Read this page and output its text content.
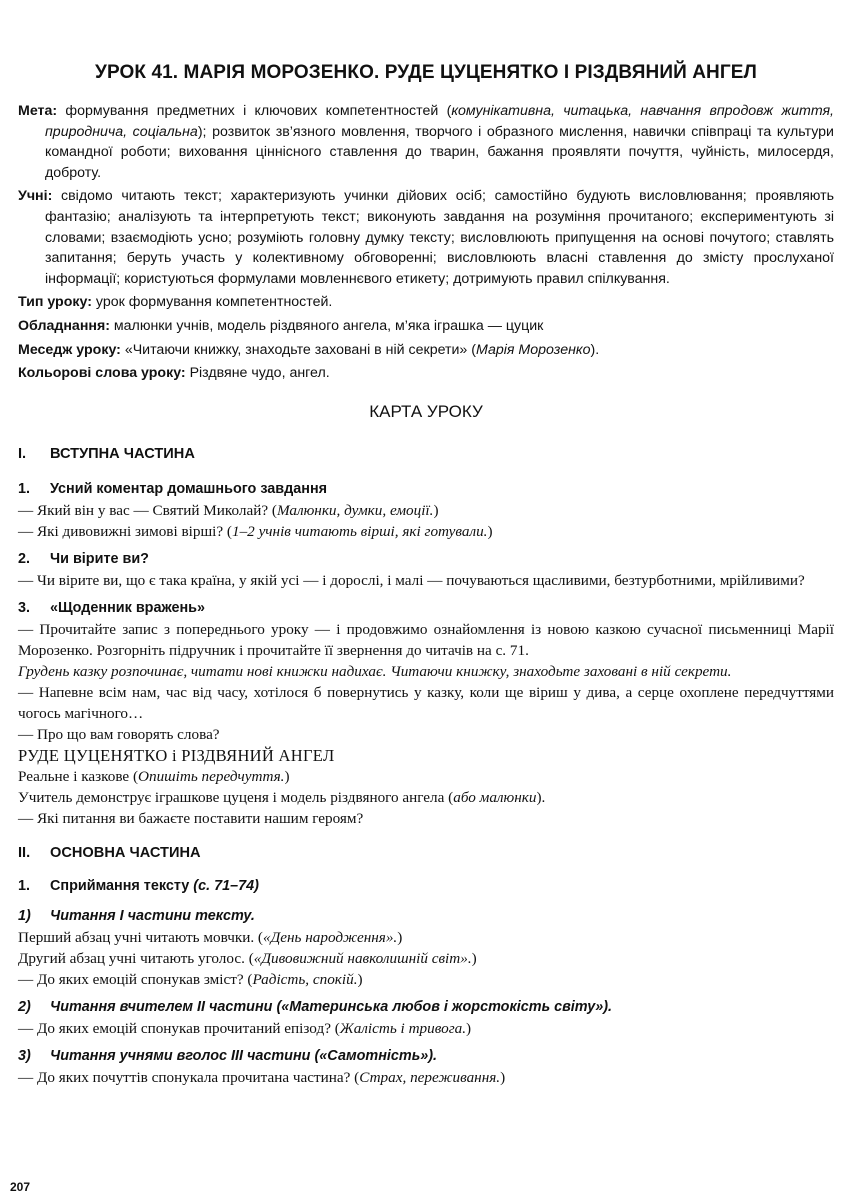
УРОК 41. МАРІЯ МОРОЗЕНКО. РУДЕ ЦУЦЕНЯТКО І РІЗДВЯНИЙ АНГЕЛ

Мета: формування предметних і ключових компетентностей (комунікативна, читацька, навчання впродовж життя, природнича, соціальна); розвиток зв’язного мовлення, творчого і образного мислення, навички співпраці та культури командної роботи; виховання ціннісного ставлення до тварин, бажання проявляти почуття, чуйність, милосердя, доброту.

Учні: свідомо читають текст; характеризують учинки дійових осіб; самостійно будують висловлювання; проявляють фантазію; аналізують та інтерпретують текст; виконують завдання на розуміння прочитаного; експериментують зі словами; взаємодіють усно; розуміють головну думку тексту; висловлюють припущення на основі почутого; ставлять запитання; беруть участь у колективному обговоренні; висловлюють власні ставлення до змісту прослуханої інформації; користуються формулами мовленнєвого етикету; дотримують правил спілкування.

Тип уроку: урок формування компетентностей.

Обладнання: малюнки учнів, модель різдвяного ангела, м’яка іграшка — цуцик

Меседж уроку: «Читаючи книжку, знаходьте заховані в ній секрети» (Марія Морозенко).

Кольорові слова уроку: Різдвяне чудо, ангел.

КАРТА УРОКУ
I.	ВСТУПНА ЧАСТИНА
1.	Усний коментар домашнього завдання

— Який він у вас — Святий Миколай? (Малюнки, думки, емоції.)

— Які дивовижні зимові вірші? (1–2 учнів читають вірші, які готували.)

2.	Чи вірите ви?

— Чи вірите ви, що є така країна, у якій усі — і дорослі, і малі — почуваються щасливими, безтурботними, мрійливими?

3.	«Щоденник вражень»

— Прочитайте запис з попереднього уроку — і продовжимо ознайомлення із новою казкою сучасної письменниці Марії Морозенко. Розгорніть підручник і прочитайте її звернення до читачів на с. 71.

Грудень казку розпочинає, читати нові книжки надихає. Читаючи книжку, знаходьте заховані в ній секрети.

— Напевне всім нам, час від часу, хотілося б повернутись у казку, коли ще віриш у дива, а серце охоплене передчуттями чогось магічного…

— Про що вам говорять слова?

РУДЕ ЦУЦЕНЯТКО і РІЗДВЯНИЙ АНГЕЛ

Реальне і казкове (Опишіть передчуття.)

Учитель демонструє іграшкове цуценя і модель різдвяного ангела (або малюнки).

— Які питання ви бажаєте поставити нашим героям?

II.	ОСНОВНА ЧАСТИНА
1.	Сприймання тексту (с. 71–74)
1)	Читання І частини тексту.

Перший абзац учні читають мовчки. («День народження».)

Другий абзац учні читають уголос. («Дивовижний навколишній світ».)

— До яких емоцій спонукав зміст? (Радість, спокій.)

2)	Читання вчителем ІІ частини («Материнська любов і жорстокість світу»).

— До яких емоцій спонукав прочитаний епізод? (Жалість і тривога.)

3)	Читання учнями вголос ІІІ частини («Самотність»).

— До яких почуттів спонукала прочитана частина? (Страх, переживання.)

207
